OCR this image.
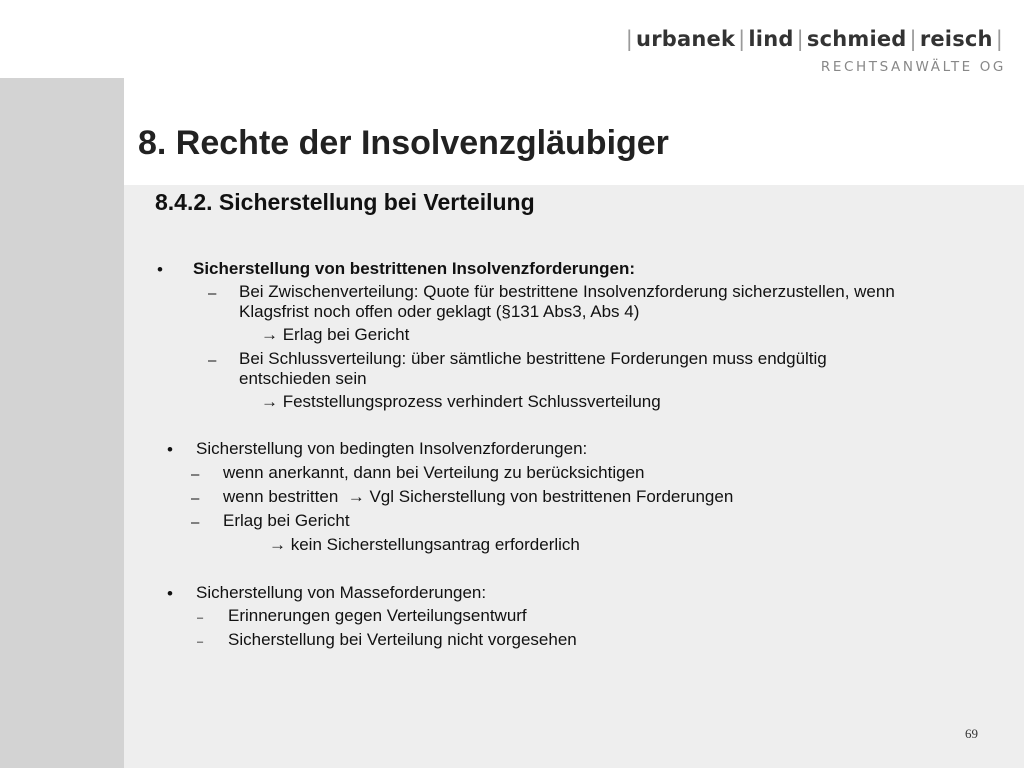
| urbanek | lind | schmied | reisch |
RECHTSANWÄLTE OG
8. Rechte der Insolvenzgläubiger
8.4.2. Sicherstellung bei Verteilung
• Sicherstellung von bestrittenen Insolvenzforderungen:
– Bei Zwischenverteilung: Quote für bestrittene Insolvenzforderung sicherzustellen, wenn
Klagsfrist noch offen oder geklagt (§131 Abs3, Abs 4)
→ Erlag bei Gericht
– Bei Schlussverteilung: über sämtliche bestrittene Forderungen muss endgültig
entschieden sein
→ Feststellungsprozess verhindert Schlussverteilung
• Sicherstellung von bedingten Insolvenzforderungen:
– wenn anerkannt, dann bei Verteilung zu berücksichtigen
– wenn bestritten  → Vgl Sicherstellung von bestrittenen Forderungen
– Erlag bei Gericht
→ kein Sicherstellungsantrag erforderlich
• Sicherstellung von Masseforderungen:
– Erinnerungen gegen Verteilungsentwurf
– Sicherstellung bei Verteilung nicht vorgesehen
69
